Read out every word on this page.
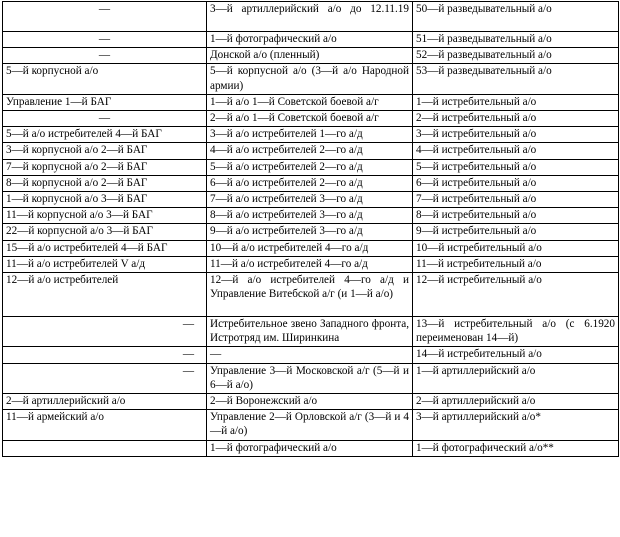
—	3—й артиллерийский а/о до 12.11.19	50—й разведывательный а/о
—	1—й фотографический а/о	51—й разведывательный а/о
—	Донской а/о (пленный)	52—й разведывательный а/о
5—й корпусной а/о	5—й корпусной а/о (3—й а/о Народной армии)	53—й разведывательный а/о
Управление 1—й БАГ	1—й а/о 1—й Советской боевой а/г	1—й истребительный а/о
—	2—й а/о 1—й Советской боевой а/г	2—й истребительный а/о
5—й а/о истребителей 4—й БАГ	3—й а/о истребителей 1—го а/д	3—й истребительный а/о
3—й корпусной а/о 2—й БАГ	4—й а/о истребителей 2—го а/д	4—й истребительный а/о
7—й корпусной а/о 2—й БАГ	5—й а/о истребителей 2—го а/д	5—й истребительный а/о
8—й корпусной а/о 2—й БАГ	6—й а/о истребителей 2—го а/д	6—й истребительный а/о
1—й корпусной а/о 3—й БАГ	7—й а/о истребителей 3—го а/д	7—й истребительный а/о
11—й корпусной а/о 3—й БАГ	8—й а/о истребителей 3—го а/д	8—й истребительный а/о
22—й корпусной а/о 3—й БАГ	9—й а/о истребителей 3—го а/д	9—й истребительный а/о
15—й а/о истребителей 4—й БАГ	10—й а/о истребителей 4—го а/д	10—й истребительный а/о
11—й а/о истребителей V а/д	11—й а/о истребителей 4—го а/д	11—й истребительный а/о
12—й а/о истребителей	12—й а/о истребителей 4—го а/д и Управление Витебской а/г (и 1—й а/о)	12—й истребительный а/о
—	Истребительное звено Западного фронта, Истротряд им. Ширинкина	13—й истребительный а/о (с 6.1920 переименован 14—й)
—	—	14—й истребительный а/о
—	Управление 3—й Московской а/г (5—й и 6—й а/о)	1—й артиллерийский а/о
2—й артиллерийский а/о	2—й Воронежский а/о	2—й артиллерийский а/о
11—й армейский а/о	Управление 2—й Орловской а/г (3—й и 4—й а/о)	3—й артиллерийский а/о*
	1—й фотографический а/о	1—й фотографический а/о**
